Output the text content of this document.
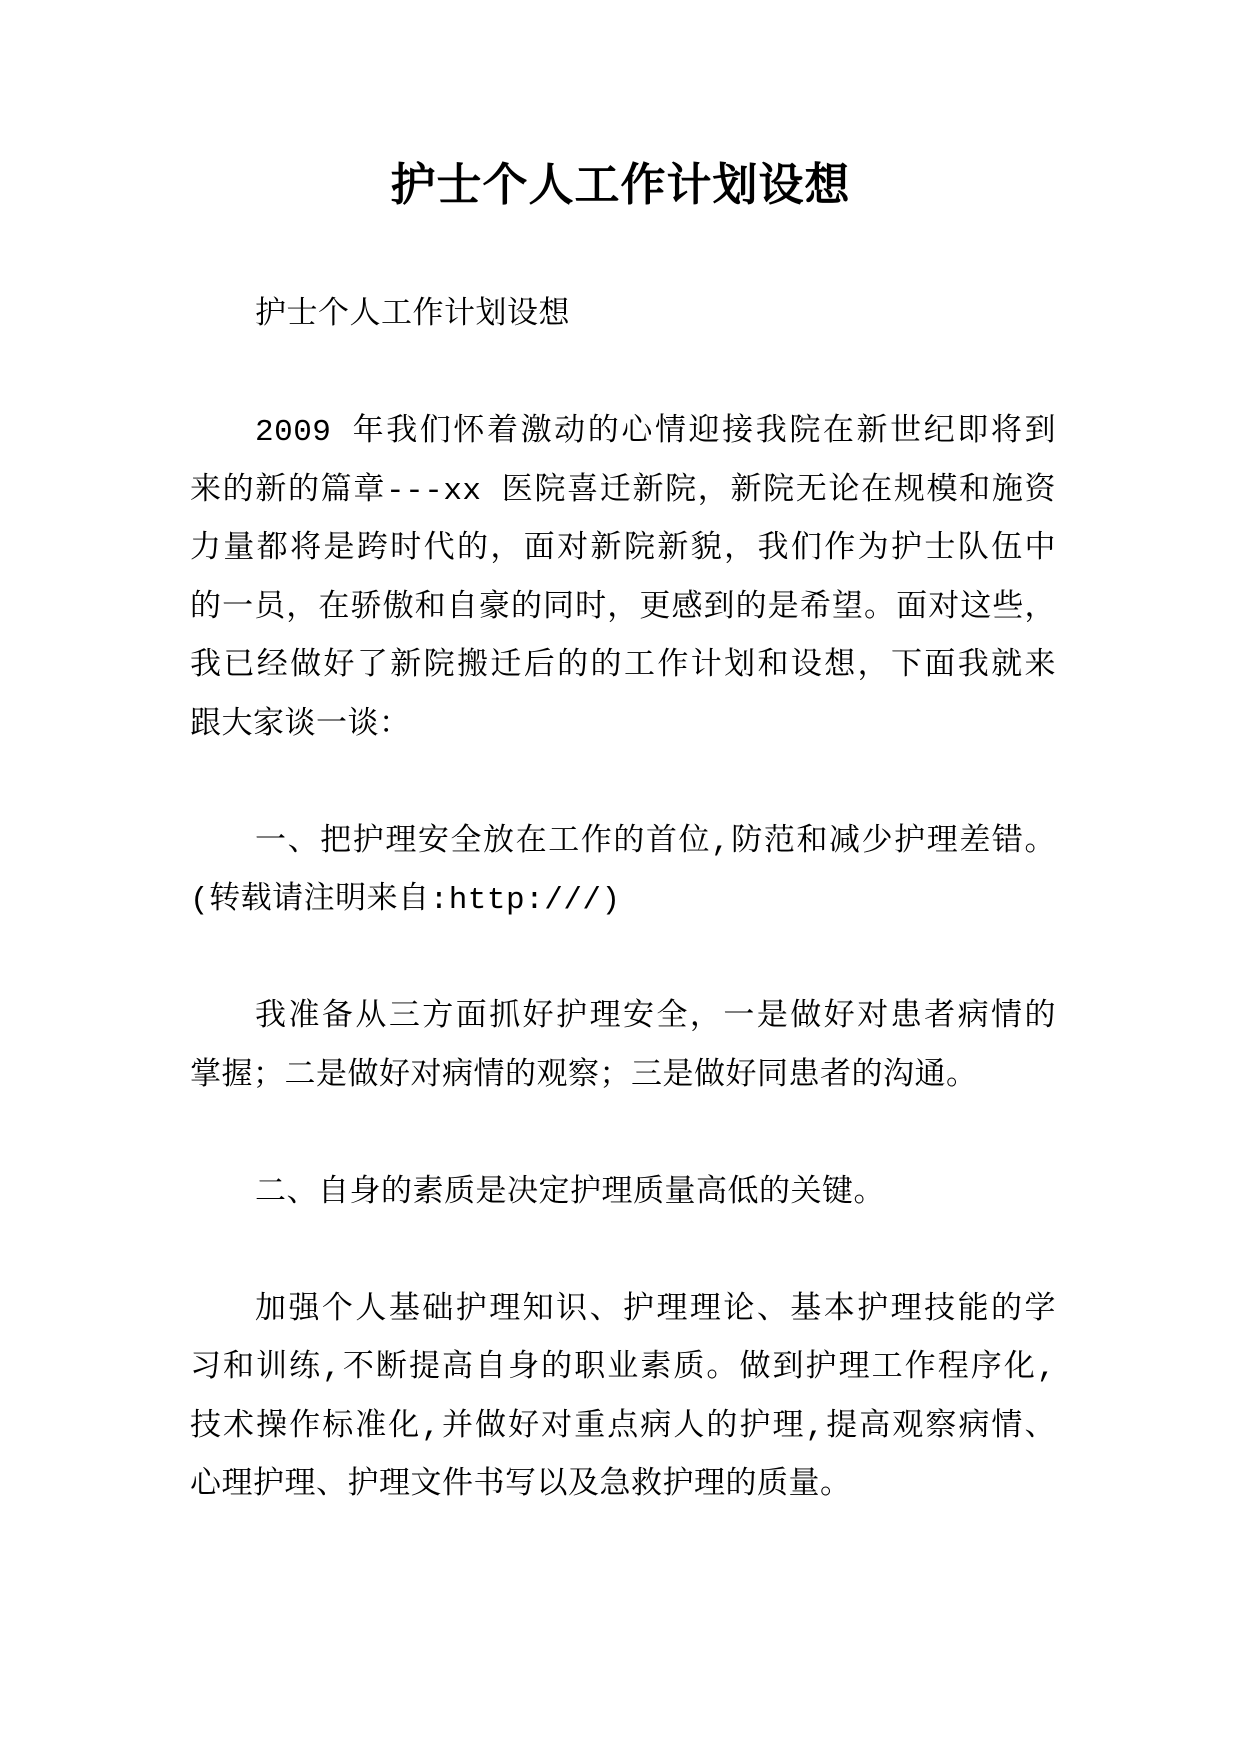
护士个人工作计划设想
护士个人工作计划设想
2009 年我们怀着激动的心情迎接我院在新世纪即将到
来的新的篇章---xx 医院喜迁新院，新院无论在规模和施资
力量都将是跨时代的，面对新院新貌，我们作为护士队伍中
的一员，在骄傲和自豪的同时，更感到的是希望。面对这些，
我已经做好了新院搬迁后的的工作计划和设想，下面我就来
跟大家谈一谈：
一、把护理安全放在工作的首位,防范和减少护理差错。
(转载请注明来自:http:///)
我准备从三方面抓好护理安全，一是做好对患者病情的
掌握；二是做好对病情的观察；三是做好同患者的沟通。
二、自身的素质是决定护理质量高低的关键。
加强个人基础护理知识、护理理论、基本护理技能的学
习和训练,不断提高自身的职业素质。做到护理工作程序化,
技术操作标准化,并做好对重点病人的护理,提高观察病情、
心理护理、护理文件书写以及急救护理的质量。
